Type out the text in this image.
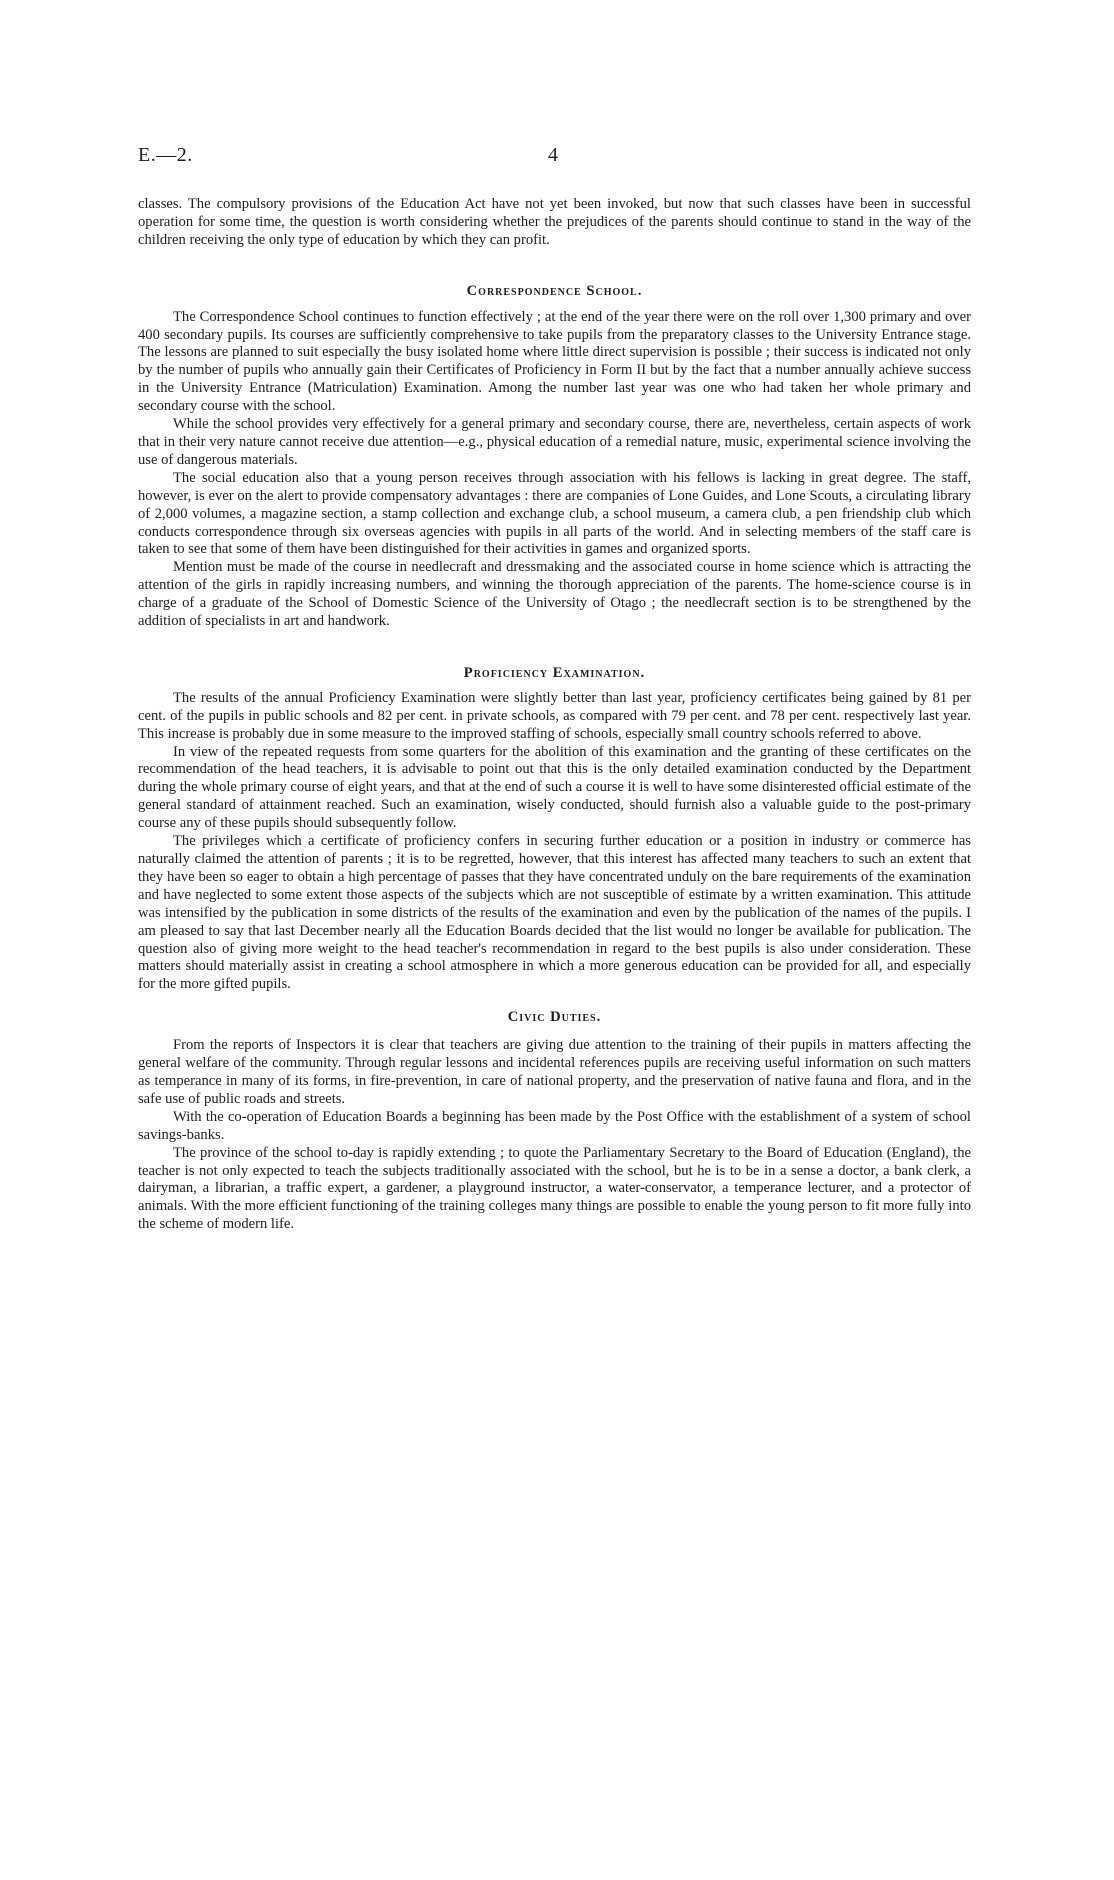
E.—2.	4

classes. The compulsory provisions of the Education Act have not yet been invoked, but now that such classes have been in successful operation for some time, the question is worth considering whether the prejudices of the parents should continue to stand in the way of the children receiving the only type of education by which they can profit.

Correspondence School.

The Correspondence School continues to function effectively ; at the end of the year there were on the roll over 1,300 primary and over 400 secondary pupils. Its courses are sufficiently comprehensive to take pupils from the preparatory classes to the University Entrance stage. The lessons are planned to suit especially the busy isolated home where little direct supervision is possible ; their success is indicated not only by the number of pupils who annually gain their Certificates of Proficiency in Form II but by the fact that a number annually achieve success in the University Entrance (Matriculation) Examination. Among the number last year was one who had taken her whole primary and secondary course with the school.

While the school provides very effectively for a general primary and secondary course, there are, nevertheless, certain aspects of work that in their very nature cannot receive due attention—e.g., physical education of a remedial nature, music, experimental science involving the use of dangerous materials.

The social education also that a young person receives through association with his fellows is lacking in great degree. The staff, however, is ever on the alert to provide compensatory advantages : there are companies of Lone Guides, and Lone Scouts, a circulating library of 2,000 volumes, a magazine section, a stamp collection and exchange club, a school museum, a camera club, a pen friendship club which conducts correspondence through six overseas agencies with pupils in all parts of the world. And in selecting members of the staff care is taken to see that some of them have been distinguished for their activities in games and organized sports.

Mention must be made of the course in needlecraft and dressmaking and the associated course in home science which is attracting the attention of the girls in rapidly increasing numbers, and winning the thorough appreciation of the parents. The home-science course is in charge of a graduate of the School of Domestic Science of the University of Otago ; the needlecraft section is to be strengthened by the addition of specialists in art and handwork.

Proficiency Examination.

The results of the annual Proficiency Examination were slightly better than last year, proficiency certificates being gained by 81 per cent. of the pupils in public schools and 82 per cent. in private schools, as compared with 79 per cent. and 78 per cent. respectively last year. This increase is probably due in some measure to the improved staffing of schools, especially small country schools referred to above.

In view of the repeated requests from some quarters for the abolition of this examination and the granting of these certificates on the recommendation of the head teachers, it is advisable to point out that this is the only detailed examination conducted by the Department during the whole primary course of eight years, and that at the end of such a course it is well to have some disinterested official estimate of the general standard of attainment reached. Such an examination, wisely conducted, should furnish also a valuable guide to the post-primary course any of these pupils should subsequently follow.

The privileges which a certificate of proficiency confers in securing further education or a position in industry or commerce has naturally claimed the attention of parents ; it is to be regretted, however, that this interest has affected many teachers to such an extent that they have been so eager to obtain a high percentage of passes that they have concentrated unduly on the bare requirements of the examination and have neglected to some extent those aspects of the subjects which are not susceptible of estimate by a written examination. This attitude was intensified by the publication in some districts of the results of the examination and even by the publication of the names of the pupils. I am pleased to say that last December nearly all the Education Boards decided that the list would no longer be available for publication. The question also of giving more weight to the head teacher's recommendation in regard to the best pupils is also under consideration. These matters should materially assist in creating a school atmosphere in which a more generous education can be provided for all, and especially for the more gifted pupils.

Civic Duties.

From the reports of Inspectors it is clear that teachers are giving due attention to the training of their pupils in matters affecting the general welfare of the community. Through regular lessons and incidental references pupils are receiving useful information on such matters as temperance in many of its forms, in fire-prevention, in care of national property, and the preservation of native fauna and flora, and in the safe use of public roads and streets.

With the co-operation of Education Boards a beginning has been made by the Post Office with the establishment of a system of school savings-banks.

The province of the school to-day is rapidly extending ; to quote the Parliamentary Secretary to the Board of Education (England), the teacher is not only expected to teach the subjects traditionally associated with the school, but he is to be in a sense a doctor, a bank clerk, a dairyman, a librarian, a traffic expert, a gardener, a playground instructor, a water-conservator, a temperance lecturer, and a protector of animals. With the more efficient functioning of the training colleges many things are possible to enable the young person to fit more fully into the scheme of modern life.
